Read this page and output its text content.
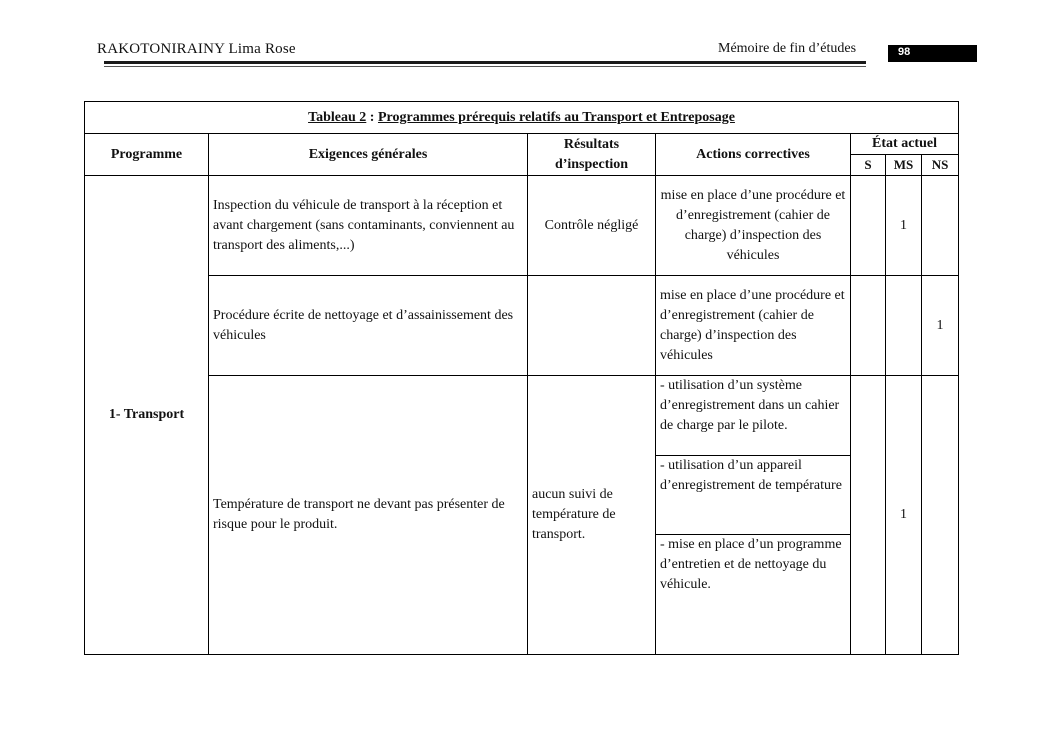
RAKOTONIRAINY Lima Rose	Mémoire de fin d’études	98
Tableau 2 : Programmes prérequis relatifs au Transport et Entreposage						
Programme	Exigences générales	Résultats d’inspection	Actions correctives	État actuel		
				S	MS	NS
1- Transport	Inspection du véhicule de transport à la réception et avant chargement (sans contaminants, conviennent au transport des aliments,...)	Contrôle négligé	mise en place d’une procédure et d’enregistrement (cahier de charge) d’inspection des véhicules		1	
	Procédure écrite de nettoyage et d’assainissement des véhicules		mise en place d’une procédure et d’enregistrement (cahier de charge) d’inspection des véhicules			1
	Température de transport ne devant pas présenter de risque pour le produit.	aucun suivi de température de transport.	- utilisation d’un système d’enregistrement dans un cahier de charge par le pilote.		1	
			- utilisation d’un appareil d’enregistrement de température			
			- mise en place d’un programme d’entretien et de nettoyage du véhicule.			
